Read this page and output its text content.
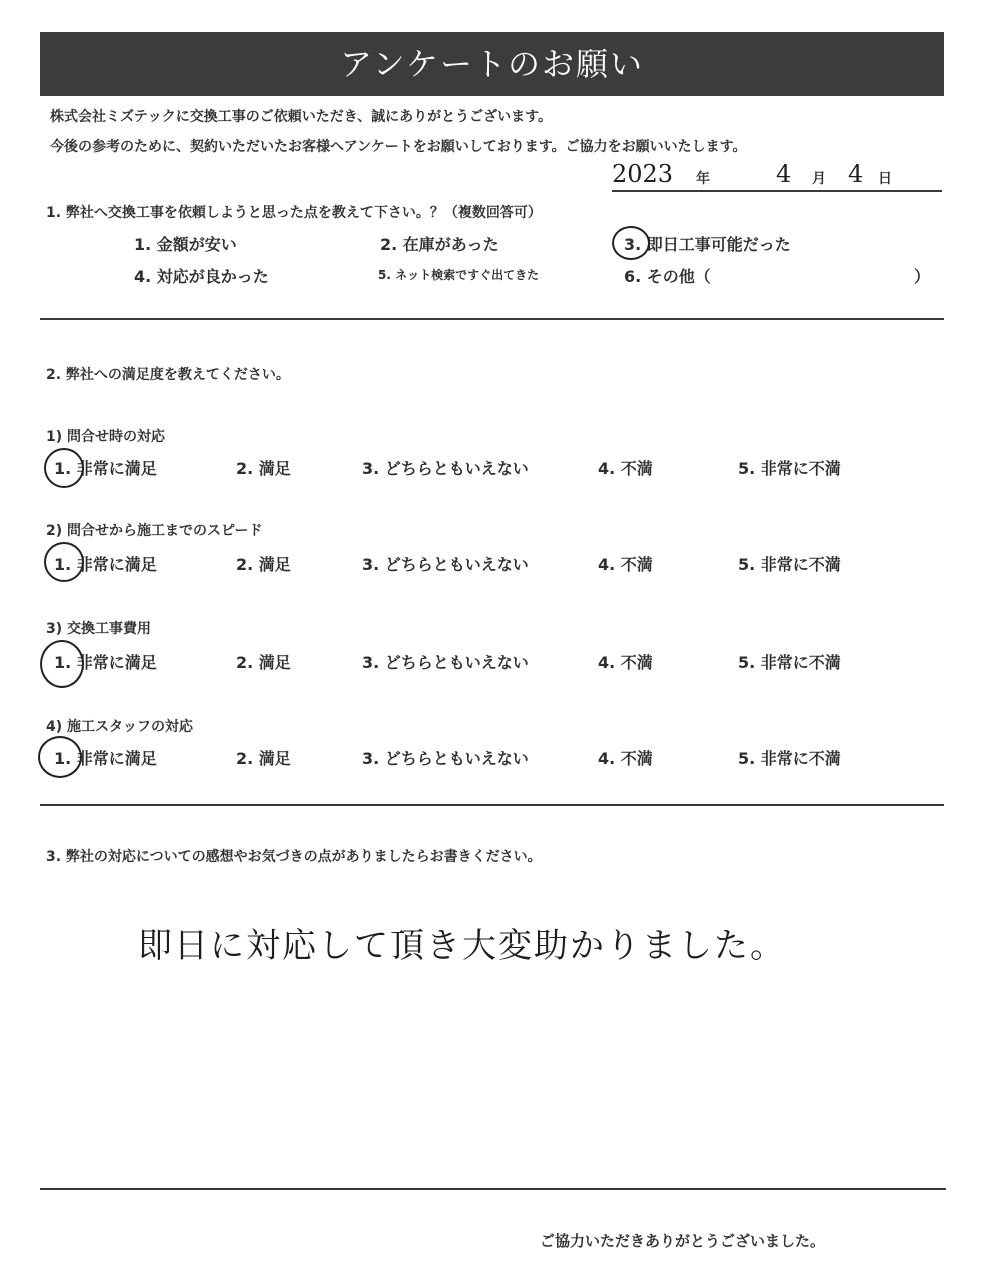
アンケートのお願い
株式会社ミズテックに交換工事のご依頼いただき、誠にありがとうございます。
今後の参考のために、契約いただいたお客様へアンケートをお願いしております。ご協力をお願いいたします。
2023 年	4 月 4 日
1. 弊社へ交換工事を依頼しようと思った点を教えて下さい。？（複数回答可）
1. 金額が安い	2. 在庫があった	3. 即日工事可能だった
4. 対応が良かった	5. ネット検索ですぐ出てきた	6. その他（	）
2. 弊社への満足度を教えてください。
1) 問合せ時の対応
1. 非常に満足	2. 満足	3. どちらともいえない	4. 不満	5. 非常に不満
2) 問合せから施工までのスピード
1. 非常に満足	2. 満足	3. どちらともいえない	4. 不満	5. 非常に不満
3) 交換工事費用
1. 非常に満足	2. 満足	3. どちらともいえない	4. 不満	5. 非常に不満
4) 施工スタッフの対応
1. 非常に満足	2. 満足	3. どちらともいえない	4. 不満	5. 非常に不満
3. 弊社の対応についての感想やお気づきの点がありましたらお書きください。
即日に対応して頂き大変助かりました。
ご協力いただきありがとうございました。
